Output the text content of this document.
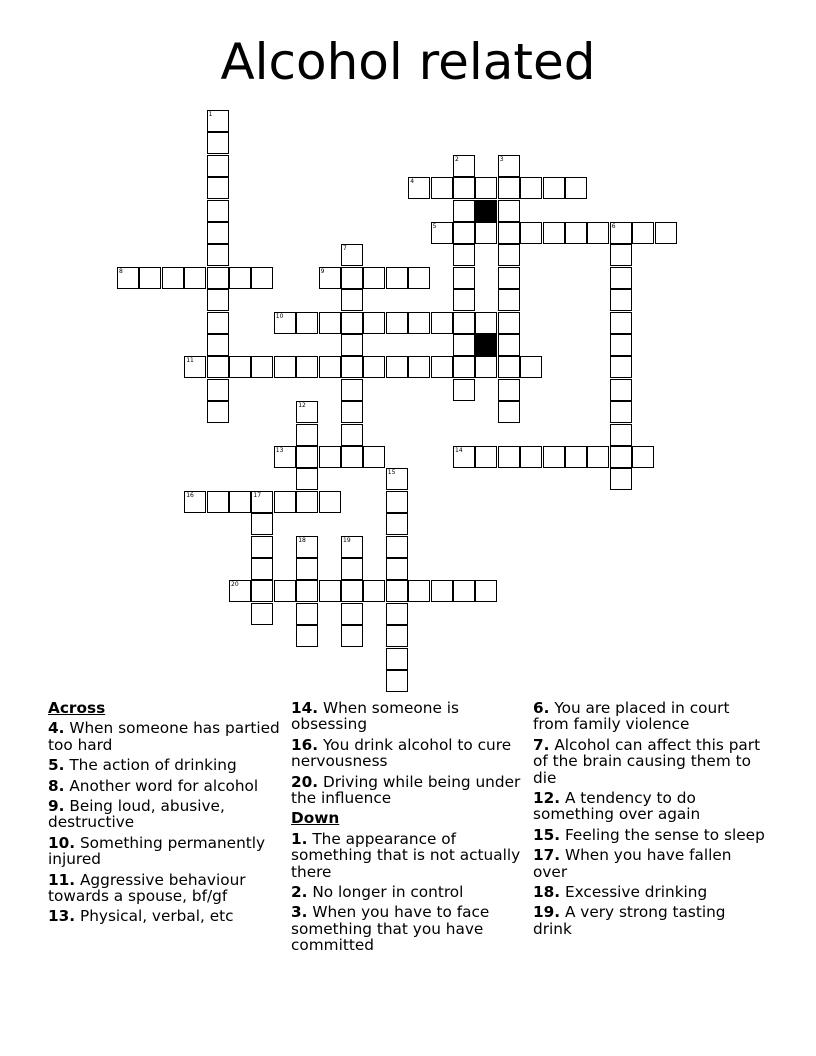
Alcohol related
1
2	3
4
5	6
7
8	9
10
11
12
13	14
15
16	17
18	19
20
Across
4. When someone has partied too hard
5. The action of drinking
8. Another word for alcohol
9. Being loud, abusive, destructive
10. Something permanently injured
11. Aggressive behaviour towards a spouse, bf/gf
13. Physical, verbal, etc
14. When someone is obsessing
16. You drink alcohol to cure nervousness
20. Driving while being under the influence
Down
1. The appearance of something that is not actually there
2. No longer in control
3. When you have to face something that you have committed
6. You are placed in court from family violence
7. Alcohol can affect this part of the brain causing them to die
12. A tendency to do something over again
15. Feeling the sense to sleep
17. When you have fallen over
18. Excessive drinking
19. A very strong tasting drink
